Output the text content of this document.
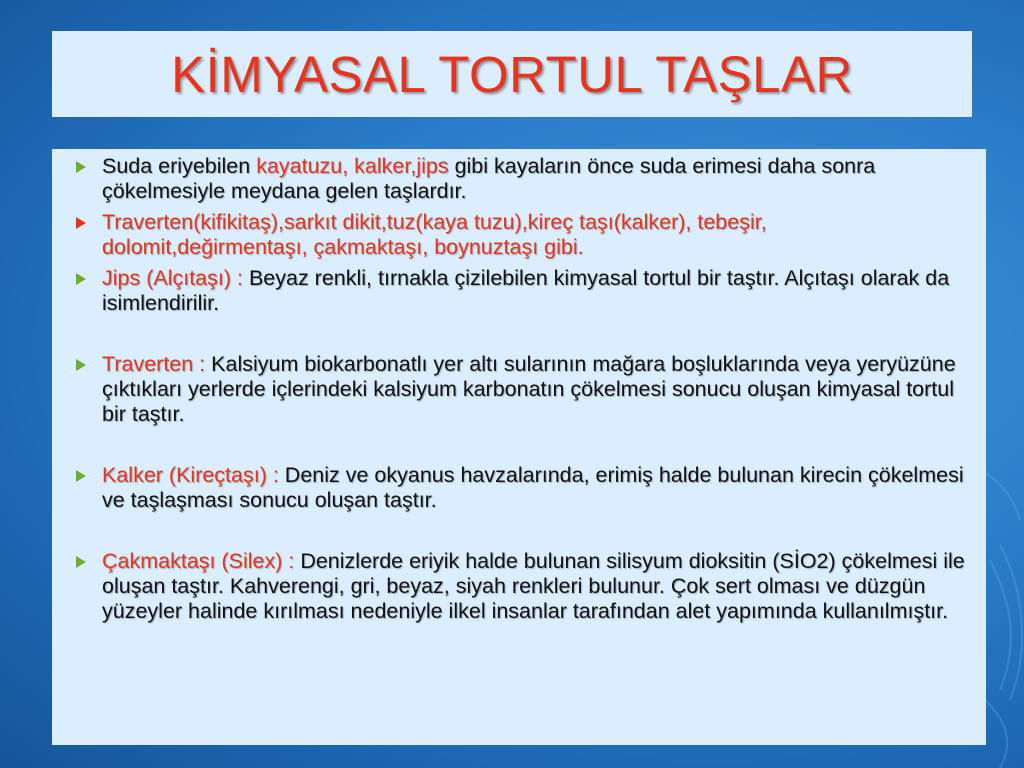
KİMYASAL TORTUL TAŞLAR

Suda eriyebilen kayatuzu, kalker,jips gibi kayaların önce suda erimesi daha sonra çökelmesiyle meydana gelen taşlardır.

Traverten(kifikitaş),sarkıt dikit,tuz(kaya tuzu),kireç taşı(kalker), tebeşir, dolomit,değirmentaşı, çakmaktaşı, boynuztaşı gibi.

Jips (Alçıtaşı) : Beyaz renkli, tırnakla çizilebilen kimyasal tortul bir taştır. Alçıtaşı olarak da isimlendirilir.

Traverten : Kalsiyum biokarbonatlı yer altı sularının mağara boşluklarında veya yeryüzüne çıktıkları yerlerde içlerindeki kalsiyum karbonatın çökelmesi sonucu oluşan kimyasal tortul bir taştır.

Kalker (Kireçtaşı) : Deniz ve okyanus havzalarında, erimiş halde bulunan kirecin çökelmesi ve taşlaşması sonucu oluşan taştır.

Çakmaktaşı (Silex) : Denizlerde eriyik halde bulunan silisyum dioksitin (SİO2) çökelmesi ile oluşan taştır. Kahverengi, gri, beyaz, siyah renkleri bulunur. Çok sert olması ve düzgün yüzeyler halinde kırılması nedeniyle ilkel insanlar tarafından alet yapımında kullanılmıştır.
